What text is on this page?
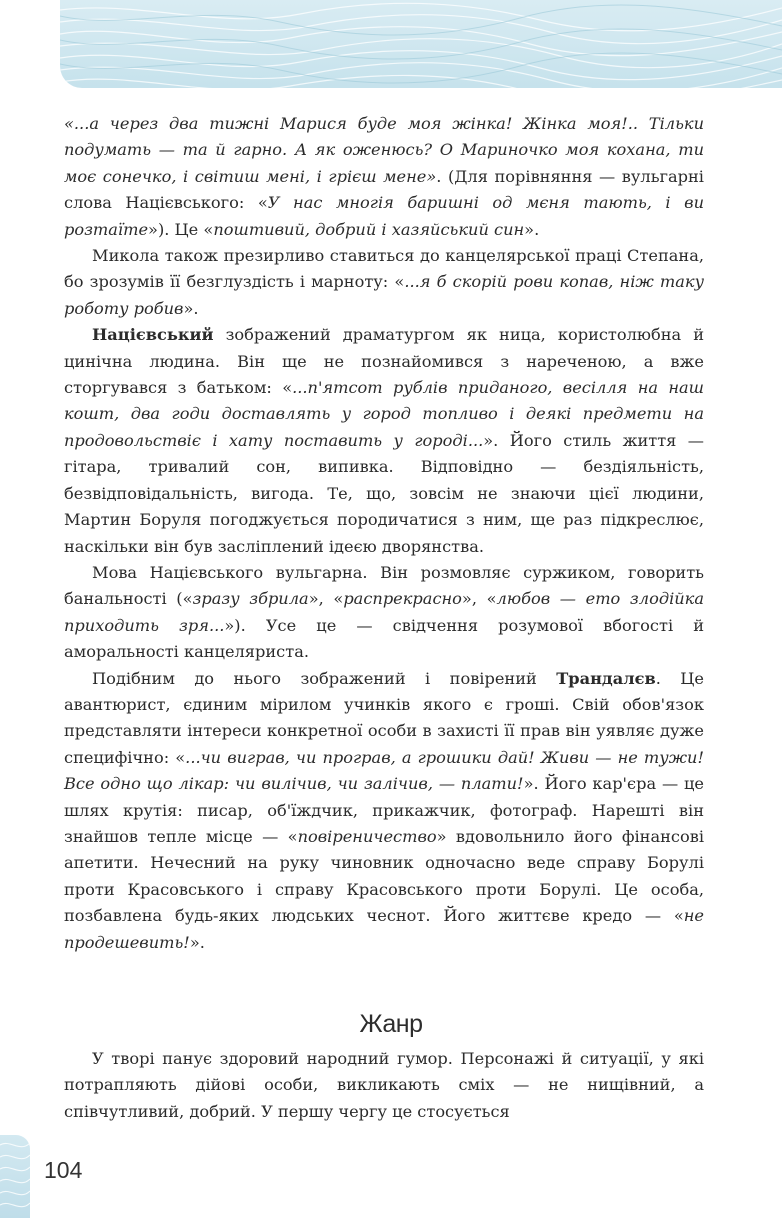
«...а через два тижні Марися буде моя жінка! Жінка моя!.. Тільки подумать — та й гарно. А як оженюсь? О Мариночко моя кохана, ти моє сонечко, і світиш мені, і грієш мене». (Для порівняння — вульгарні слова Націєвського: «У нас многія баришні од мєня тають, і ви розтаїте»). Це «поштивий, добрий і хазяйський син».

Микола також презирливо ставиться до канцелярської праці Степана, бо зрозумів її безглуздість і марноту: «...я б скорій рови копав, ніж таку роботу робив».

Націєвський зображений драматургом як ница, користолюбна й цинічна людина. Він ще не познайомився з нареченою, а вже сторгувався з батьком: «...п'ятсот рублів приданого, весілля на наш кошт, два годи доставлять у город топливо і деякі предмети на продовольствіє і хату поставить у городі...». Його стиль життя — гітара, тривалий сон, випивка. Відповідно — бездіяльність, безвідповідальність, вигода. Те, що, зовсім не знаючи цієї людини, Мартин Боруля погоджується породичатися з ним, ще раз підкреслює, наскільки він був засліплений ідеєю дворянства.

Мова Націєвського вульгарна. Він розмовляє суржиком, говорить банальності («зразу збрила», «распрекрасно», «любов — ето злодійка приходить зря...»). Усе це — свідчення розумової вбогості й аморальності канцеляриста.

Подібним до нього зображений і повірений Трандалєв. Це авантюрист, єдиним мірилом учинків якого є гроші. Свій обов'язок представляти інтереси конкретної особи в захисті її прав він уявляє дуже специфічно: «...чи виграв, чи програв, а грошики дай! Живи — не тужи! Все одно що лікар: чи вилічив, чи залічив, — плати!». Його кар'єра — це шлях крутія: писар, об'їждчик, прикажчик, фотограф. Нарешті він знайшов тепле місце — «повіреничество» вдовольнило його фінансові апетити. Нечесний на руку чиновник одночасно веде справу Борулі проти Красовського і справу Красовського проти Борулі. Це особа, позбавлена будь-яких людських чеснот. Його життєве кредо — «не продешевить!».

Жанр

У творі панує здоровий народний гумор. Персонажі й ситуації, у які потрапляють дійові особи, викликають сміх — не нищівний, а співчутливий, добрий. У першу чергу це стосується

104
